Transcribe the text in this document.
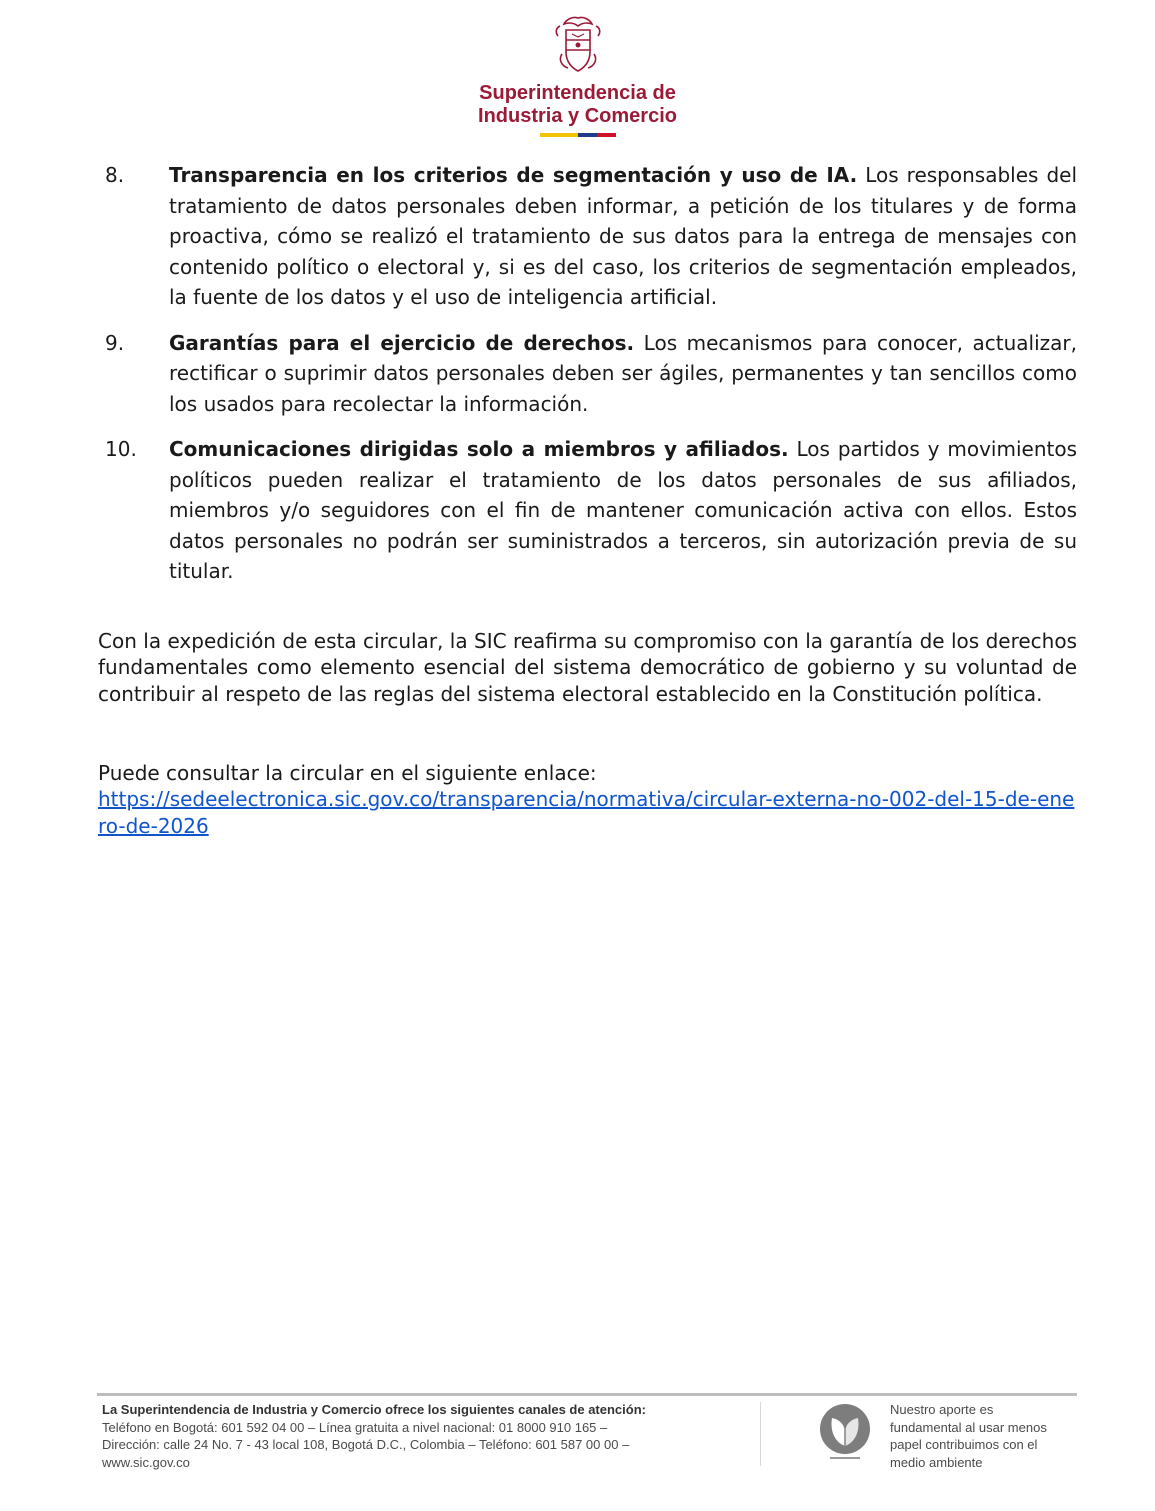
Superintendencia de
Industria y Comercio
8.	Transparencia en los criterios de segmentación y uso de IA. Los responsables del tratamiento de datos personales deben informar, a petición de los titulares y de forma proactiva, cómo se realizó el tratamiento de sus datos para la entrega de mensajes con contenido político o electoral y, si es del caso, los criterios de segmentación empleados, la fuente de los datos y el uso de inteligencia artificial.
9.	Garantías para el ejercicio de derechos. Los mecanismos para conocer, actualizar, rectificar o suprimir datos personales deben ser ágiles, permanentes y tan sencillos como los usados para recolectar la información.
10.	Comunicaciones dirigidas solo a miembros y afiliados. Los partidos y movimientos políticos pueden realizar el tratamiento de los datos personales de sus afiliados, miembros y/o seguidores con el fin de mantener comunicación activa con ellos. Estos datos personales no podrán ser suministrados a terceros, sin autorización previa de su titular.

Con la expedición de esta circular, la SIC reafirma su compromiso con la garantía de los derechos fundamentales como elemento esencial del sistema democrático de gobierno y su voluntad de contribuir al respeto de las reglas del sistema electoral establecido en la Constitución política.

Puede consultar la circular en el siguiente enlace:
https://sedeelectronica.sic.gov.co/transparencia/normativa/circular-externa-no-002-del-15-de-enero-de-2026
La Superintendencia de Industria y Comercio ofrece los siguientes canales de atención:
Teléfono en Bogotá: 601 592 04 00 – Línea gratuita a nivel nacional: 01 8000 910 165 –
Dirección: calle 24 No. 7 - 43 local 108, Bogotá D.C., Colombia – Teléfono: 601 587 00 00 –
www.sic.gov.co
Nuestro aporte es
fundamental al usar menos
papel contribuimos con el
medio ambiente
